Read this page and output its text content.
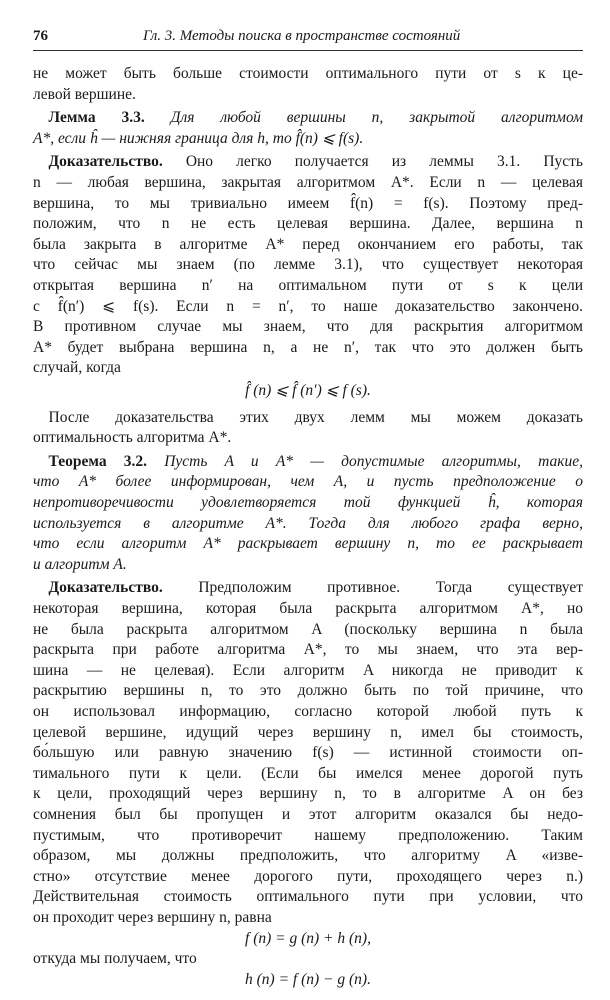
76	Гл. 3. Методы поиска в пространстве состояний
не может быть больше стоимости оптимального пути от s к це-
левой вершине.
 Лемма 3.3. Для любой вершины n, закрытой алгоритмом
A*, если ĥ — нижняя граница для h, то f̂(n) ⩽ f(s).
 Доказательство. Оно легко получается из леммы 3.1. Пусть
n — любая вершина, закрытая алгоритмом A*. Если n — целевая
вершина, то мы тривиально имеем f̂(n) = f(s). Поэтому пред-
положим, что n не есть целевая вершина. Далее, вершина n
была закрыта в алгоритме A* перед окончанием его работы, так
что сейчас мы знаем (по лемме 3.1), что существует некоторая
открытая вершина n′ на оптимальном пути от s к цели
с f̂(n′) ⩽ f(s). Если n = n′, то наше доказательство закончено.
В противном случае мы знаем, что для раскрытия алгоритмом
A* будет выбрана вершина n, а не n′, так что это должен быть
случай, когда
f̂ (n) ⩽ f̂ (n′) ⩽ f (s).
 После доказательства этих двух лемм мы можем доказать
оптимальность алгоритма A*.
 Теорема 3.2. Пусть A и A* — допустимые алгоритмы, такие,
что A* более информирован, чем A, и пусть предположение о
непротиворечивости удовлетворяется той функцией ĥ, которая
используется в алгоритме A*. Тогда для любого графа верно,
что если алгоритм A* раскрывает вершину n, то ее раскрывает
и алгоритм A.
 Доказательство. Предположим противное. Тогда существует
некоторая вершина, которая была раскрыта алгоритмом A*, но
не была раскрыта алгоритмом A (поскольку вершина n была
раскрыта при работе алгоритма A*, то мы знаем, что эта вер-
шина — не целевая). Если алгоритм A никогда не приводит к
раскрытию вершины n, то это должно быть по той причине, что
он использовал информацию, согласно которой любой путь к
целевой вершине, идущий через вершину n, имел бы стоимость,
бо́льшую или равную значению f(s) — истинной стоимости оп-
тимального пути к цели. (Если бы имелся менее дорогой путь
к цели, проходящий через вершину n, то в алгоритме A он без
сомнения был бы пропущен и этот алгоритм оказался бы недо-
пустимым, что противоречит нашему предположению. Таким
образом, мы должны предположить, что алгоритму A «изве-
стно» отсутствие менее дорогого пути, проходящего через n.)
Действительная стоимость оптимального пути при условии, что
он проходит через вершину n, равна
f (n) = g (n) + h (n),
откуда мы получаем, что
h (n) = f (n) − g (n).
